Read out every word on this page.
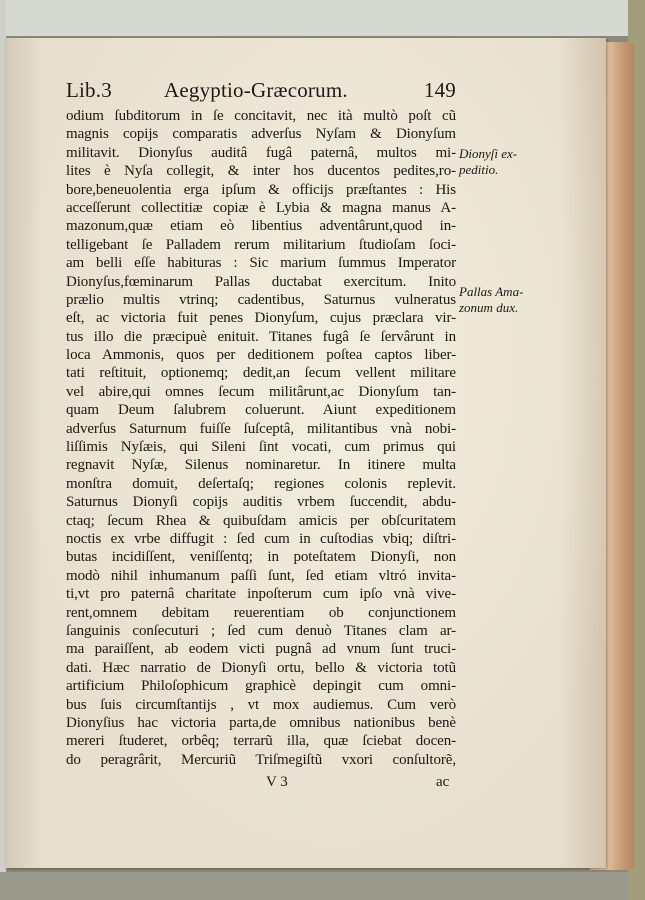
Lib.3 Aegyptio-Græcorum.	149
odium ſubditorum in ſe concitavit, nec ità multò poſt cũ
magnis copijs comparatis adverſus Nyſam & Dionyſum
militavit. Dionyſus auditâ fugâ paternâ, multos mi-
lites è Nyſa collegit, & inter hos ducentos pedites,ro-
bore,beneuolentia erga ipſum & officijs præſtantes : His
acceſſerunt collectitiæ copiæ è Lybia & magna manus A-
mazonum,quæ etiam eò libentius adventârunt,quod in-
telligebant ſe Palladem rerum militarium ſtudioſam ſoci-
am belli eſſe habituras : Sic marium ſummus Imperator
Dionyſus,fœminarum Pallas ductabat exercitum. Inito
prælio multis vtrinq; cadentibus, Saturnus vulneratus
eſt, ac victoria fuit penes Dionyſum, cujus præclara vir-
tus illo die præcipuè enituit. Titanes fugâ ſe ſervârunt in
loca Ammonis, quos per deditionem poſtea captos liber-
tati reſtituit, optionemq; dedit,an ſecum vellent militare
vel abire,qui omnes ſecum militârunt,ac Dionyſum tan-
quam Deum ſalubrem coluerunt. Aiunt expeditionem
adverſus Saturnum fuiſſe ſuſceptâ, militantibus vnà nobi-
liſſimis Nyſæis, qui Sileni ſint vocati, cum primus qui
regnavit Nyſæ, Silenus nominaretur. In itinere multa
monſtra domuit, deſertaſq; regiones colonis replevit.
Saturnus Dionyſi copijs auditis vrbem ſuccendit, abdu-
ctaq; ſecum Rhea & quibuſdam amicis per obſcuritatem
noctis ex vrbe diffugit : ſed cum in cuſtodias vbiq; diſtri-
butas incidiſſent, veniſſentq; in poteſtatem Dionyſi, non
modò nihil inhumanum paſſi ſunt, ſed etiam vltró invita-
ti,vt pro paternâ charitate inpoſterum cum ipſo vnà vive-
rent,omnem debitam reuerentiam ob conjunctionem
ſanguinis conſecuturi ; ſed cum denuò Titanes clam ar-
ma paraiſſent, ab eodem victi pugnâ ad vnum ſunt truci-
dati. Hæc narratio de Dionyſi ortu, bello & victoria totũ
artificium Philoſophicum graphicè depingit cum omni-
bus ſuis circumſtantijs , vt mox audiemus. Cum verò
Dionyſius hac victoria parta,de omnibus nationibus benè
mereri ſtuderet, orbêq; terrarũ illa, quæ ſciebat docen-
do peragrârit, Mercuriũ Triſmegiſtũ vxori conſultorẽ,
Dionyſi ex-
peditio.
Pallas Ama-
zonum dux.
V 3	ac
